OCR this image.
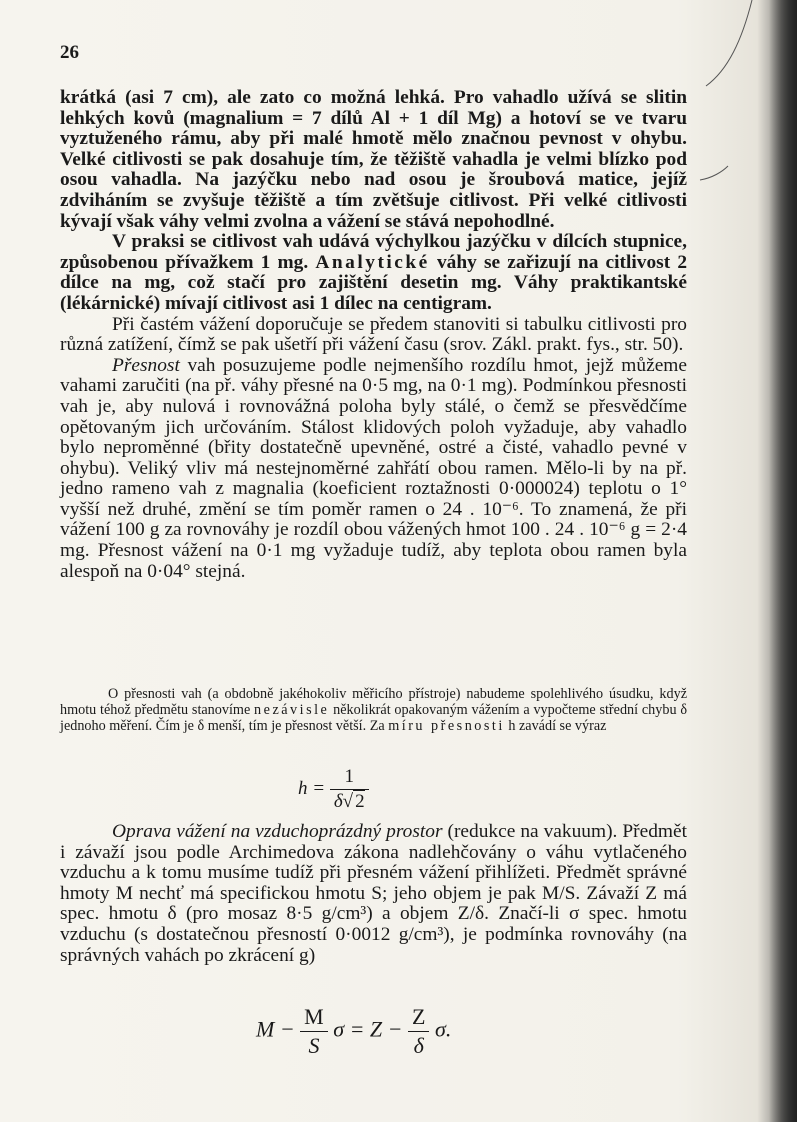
26

krátká (asi 7 cm), ale zato co možná lehká. Pro vahadlo užívá se slitin lehkých kovů (magnalium = 7 dílů Al + 1 díl Mg) a hotoví se ve tvaru vyztuženého rámu, aby při malé hmotě mělo značnou pevnost v ohybu. Velké citlivosti se pak dosahuje tím, že těžiště vahadla je velmi blízko pod osou vahadla. Na jazýčku nebo nad osou je šroubová matice, jejíž zdviháním se zvyšuje těžiště a tím zvětšuje citlivost. Při velké citlivosti kývají však váhy velmi zvolna a vážení se stává nepohodlné.

V praksi se citlivost vah udává výchylkou jazýčku v dílcích stupnice, způsobenou přívažkem 1 mg. Analytické váhy se zařizují na citlivost 2 dílce na mg, což stačí pro zajištění desetin mg. Váhy praktikantské (lékárnické) mívají citlivost asi 1 dílec na centigram.

Při častém vážení doporučuje se předem stanoviti si tabulku citlivosti pro různá zatížení, čímž se pak ušetří při vážení času (srov. Zákl. prakt. fys., str. 50).

Přesnost vah posuzujeme podle nejmenšího rozdílu hmot, jejž můžeme vahami zaručiti (na př. váhy přesné na 0·5 mg, na 0·1 mg). Podmínkou přesnosti vah je, aby nulová i rovnovážná poloha byly stálé, o čemž se přesvědčíme opětovaným jich určováním. Stálost klidových poloh vyžaduje, aby vahadlo bylo neproměnné (břity dostatečně upevněné, ostré a čisté, vahadlo pevné v ohybu). Veliký vliv má nestejnoměrné zahřátí obou ramen. Mělo-li by na př. jedno rameno vah z magnalia (koeficient roztažnosti 0·000024) teplotu o 1° vyšší než druhé, změní se tím poměr ramen o 24 . 10⁻⁶. To znamená, že při vážení 100 g za rovnováhy je rozdíl obou vážených hmot 100 . 24 . 10⁻⁶ g = 2·4 mg. Přesnost vážení na 0·1 mg vyžaduje tudíž, aby teplota obou ramen byla alespoň na 0·04° stejná.

O přesnosti vah (a obdobně jakéhokoliv měřicího přístroje) nabudeme spolehlivého úsudku, když hmotu téhož předmětu stanovíme nezávisle několikrát opakovaným vážením a vypočteme střední chybu δ jednoho měření. Čím je δ menší, tím je přesnost větší. Za míru přesnosti h zavádí se výraz

$h = \frac{1}{\delta√ 2}$

Oprava vážení na vzduchoprázdný prostor (redukce na vakuum). Předmět i závaží jsou podle Archimedova zákona nadlehčovány o váhu vytlačeného vzduchu a k tomu musíme tudíž při přesném vážení přihlížeti. Předmět správné hmoty M nechť má specifickou hmotu S; jeho objem je pak M/S. Závaží Z má spec. hmotu δ (pro mosaz 8·5 g/cm³) a objem Z/δ. Značí-li σ spec. hmotu vzduchu (s dostatečnou přesností 0·0012 g/cm³), je podmínka rovnováhy (na správných vahách po zkrácení g)

$M - \frac{M}{S}$ $\sigma = Z - \frac{Z}{\delta} \sigma$.
